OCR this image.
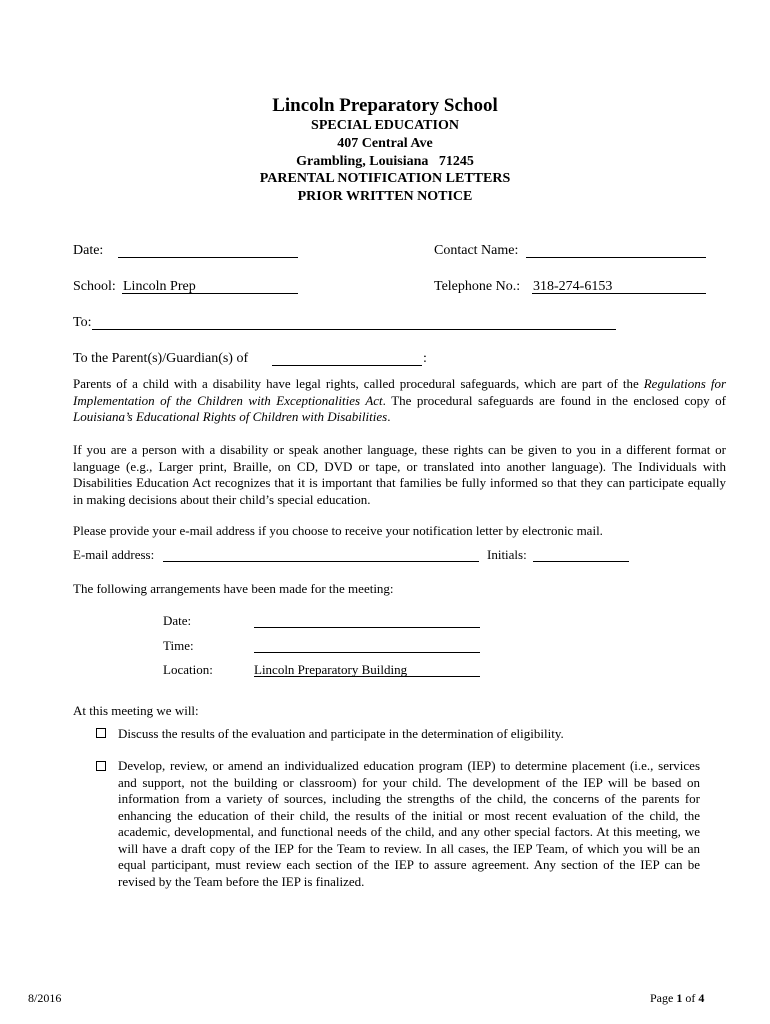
Lincoln Preparatory School
SPECIAL EDUCATION
407 Central Ave
Grambling, Louisiana   71245
PARENTAL NOTIFICATION LETTERS
PRIOR WRITTEN NOTICE
Date:	Contact Name:
School: Lincoln Prep	Telephone No.: 318-274-6153
To:
To the Parent(s)/Guardian(s) of	:
Parents of a child with a disability have legal rights, called procedural safeguards, which are part of the Regulations for Implementation of the Children with Exceptionalities Act. The procedural safeguards are found in the enclosed copy of Louisiana’s Educational Rights of Children with Disabilities.
If you are a person with a disability or speak another language, these rights can be given to you in a different format or language (e.g., Larger print, Braille, on CD, DVD or tape, or translated into another language). The Individuals with Disabilities Education Act recognizes that it is important that families be fully informed so that they can participate equally in making decisions about their child’s special education.
Please provide your e-mail address if you choose to receive your notification letter by electronic mail.
E-mail address:	Initials:
The following arrangements have been made for the meeting:
Date:
Time:
Location:	Lincoln Preparatory Building
At this meeting we will:
Discuss the results of the evaluation and participate in the determination of eligibility.
Develop, review, or amend an individualized education program (IEP) to determine placement (i.e., services and support, not the building or classroom) for your child. The development of the IEP will be based on information from a variety of sources, including the strengths of the child, the concerns of the parents for enhancing the education of their child, the results of the initial or most recent evaluation of the child, the academic, developmental, and functional needs of the child, and any other special factors. At this meeting, we will have a draft copy of the IEP for the Team to review. In all cases, the IEP Team, of which you will be an equal participant, must review each section of the IEP to assure agreement. Any section of the IEP can be revised by the Team before the IEP is finalized.
8/2016	Page 1 of 4
